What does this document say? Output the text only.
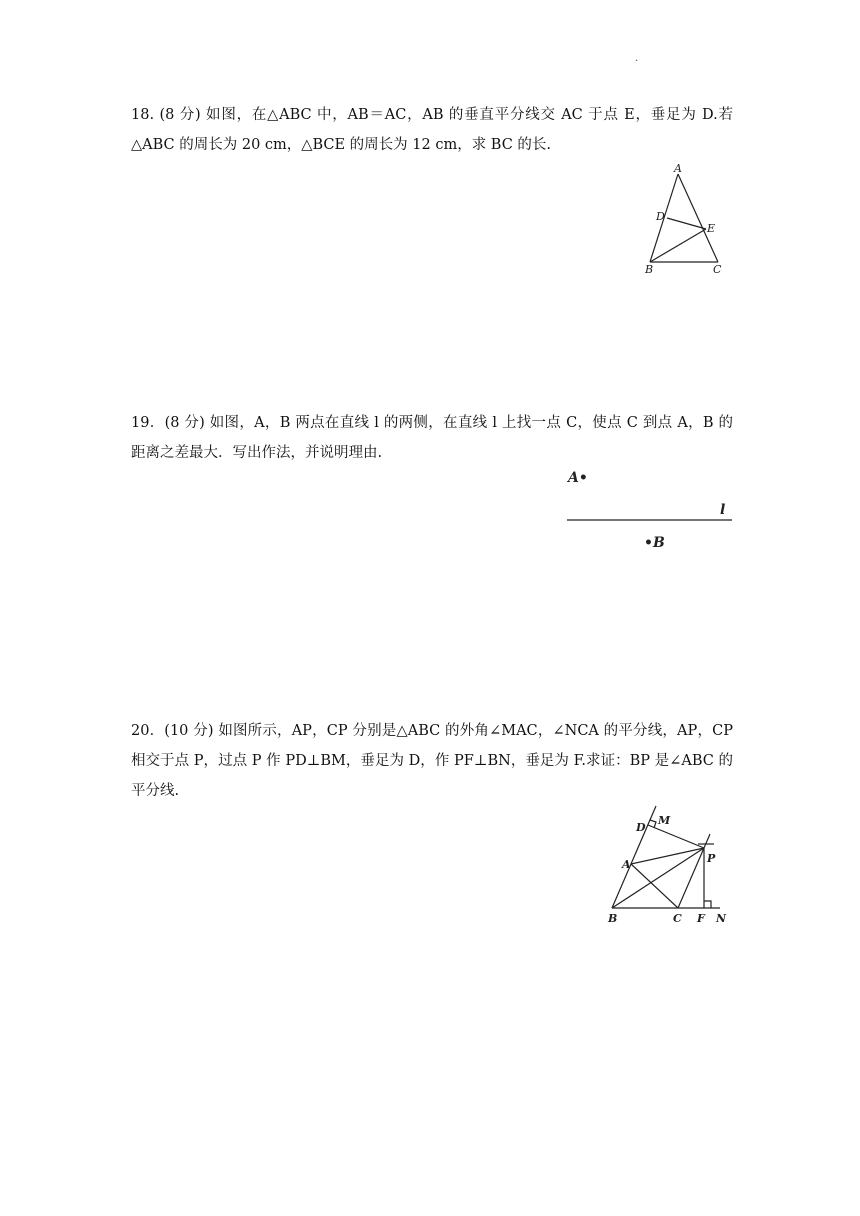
·
18. (8 分) 如图，在△ABC 中，AB＝AC，AB 的垂直平分线交 AC 于点 E，垂足为 D.若△ABC 的周长为 20 cm，△BCE 的周长为 12 cm，求 BC 的长.
A
D
E
B	C
19．(8 分) 如图，A，B 两点在直线 l 的两侧，在直线 l 上找一点 C，使点 C 到点 A，B 的距离之差最大．写出作法，并说明理由.
A•
l
•B
20．(10 分) 如图所示，AP，CP 分别是△ABC 的外角∠MAC，∠NCA 的平分线，AP，CP 相交于点 P，过点 P 作 PD⊥BM，垂足为 D，作 PF⊥BN，垂足为 F.求证：BP 是∠ABC 的平分线.
D
M
A	P
B	C F N
